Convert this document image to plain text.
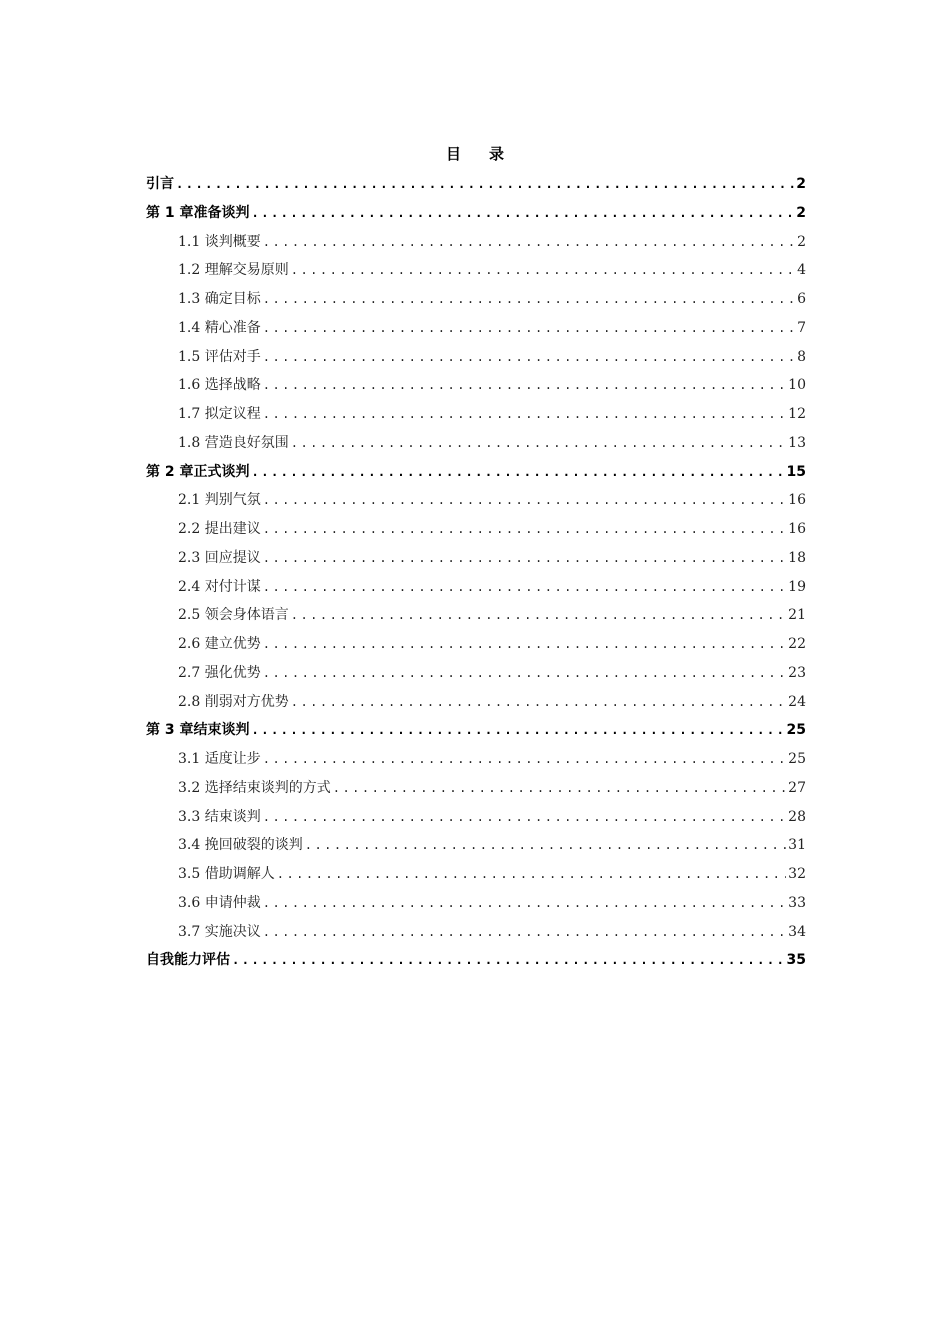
目 录
引言 .....	2
第 1 章 准备谈判 .....	2
1.1 谈判概要 .....	2
1.2 理解交易原则 .....	4
1.3 确定目标 .....	6
1.4 精心准备 .....	7
1.5 评估对手 .....	8
1.6 选择战略 .....	10
1.7 拟定议程 .....	12
1.8 营造良好氛围 .....	13
第 2 章 正式谈判 .....	15
2.1 判别气氛 .....	16
2.2 提出建议 .....	16
2.3 回应提议 .....	18
2.4 对付计谋 .....	19
2.5 领会身体语言 .....	21
2.6 建立优势 .....	22
2.7 强化优势 .....	23
2.8 削弱对方优势 .....	24
第 3 章 结束谈判 .....	25
3.1 适度让步 .....	25
3.2 选择结束谈判的方式 .....	27
3.3 结束谈判 .....	28
3.4 挽回破裂的谈判 .....	31
3.5 借助调解人 .....	32
3.6 申请仲裁 .....	33
3.7 实施决议 .....	34
自我能力评估 .....	35
